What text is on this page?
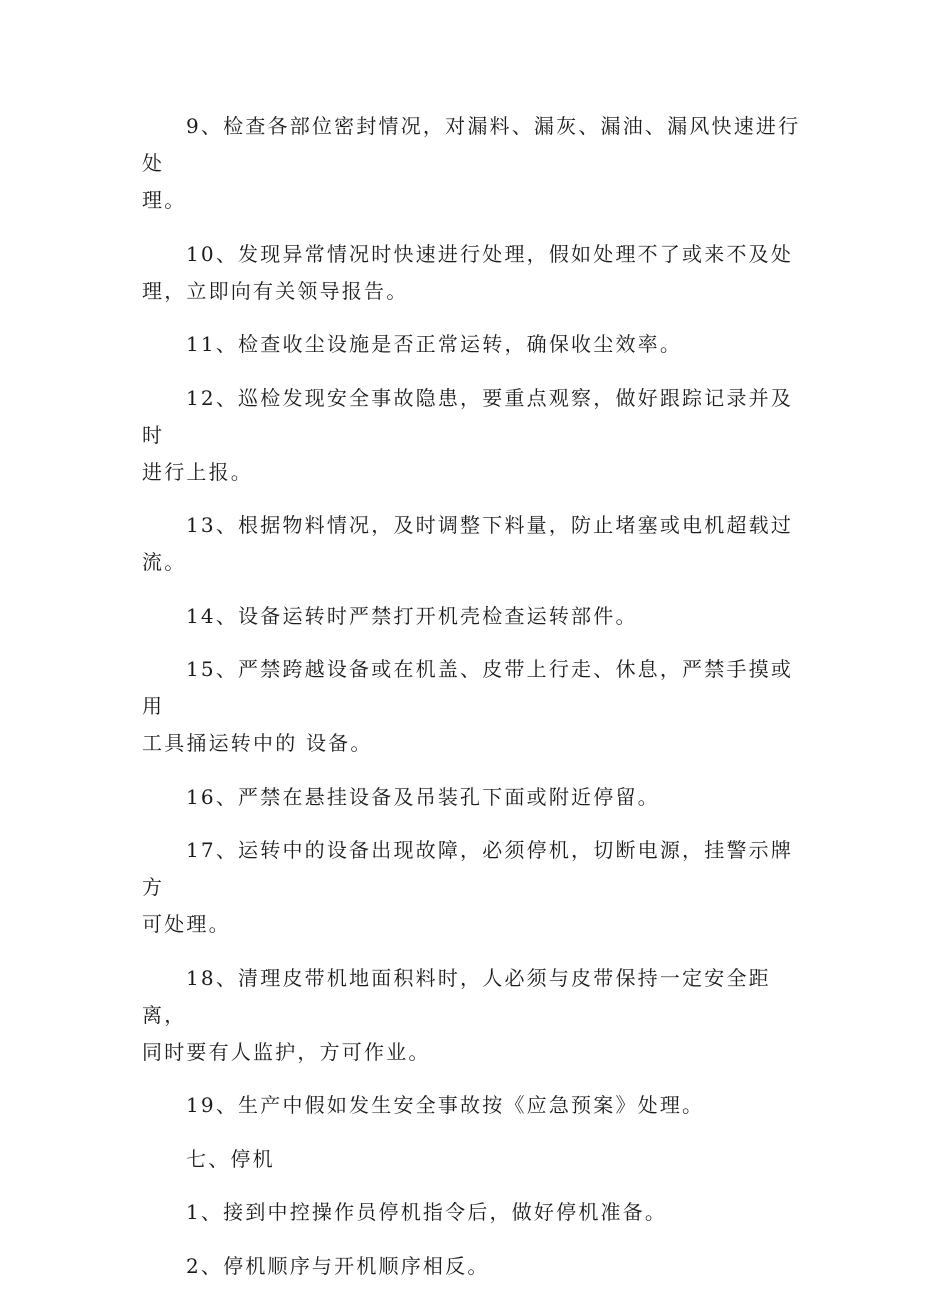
9、检查各部位密封情况，对漏料、漏灰、漏油、漏风快速进行处
理。

10、发现异常情况时快速进行处理，假如处理不了或来不及处
理，立即向有关领导报告。

11、检查收尘设施是否正常运转，确保收尘效率。

12、巡检发现安全事故隐患，要重点观察，做好跟踪记录并及时
进行上报。

13、根据物料情况，及时调整下料量，防止堵塞或电机超载过
流。

14、设备运转时严禁打开机壳检查运转部件。

15、严禁跨越设备或在机盖、皮带上行走、休息，严禁手摸或用
工具捅运转中的 设备。

16、严禁在悬挂设备及吊装孔下面或附近停留。

17、运转中的设备出现故障，必须停机，切断电源，挂警示牌方
可处理。

18、清理皮带机地面积料时，人必须与皮带保持一定安全距离，
同时要有人监护，方可作业。

19、生产中假如发生安全事故按《应急预案》处理。

七、停机

1、接到中控操作员停机指令后，做好停机准备。

2、停机顺序与开机顺序相反。
